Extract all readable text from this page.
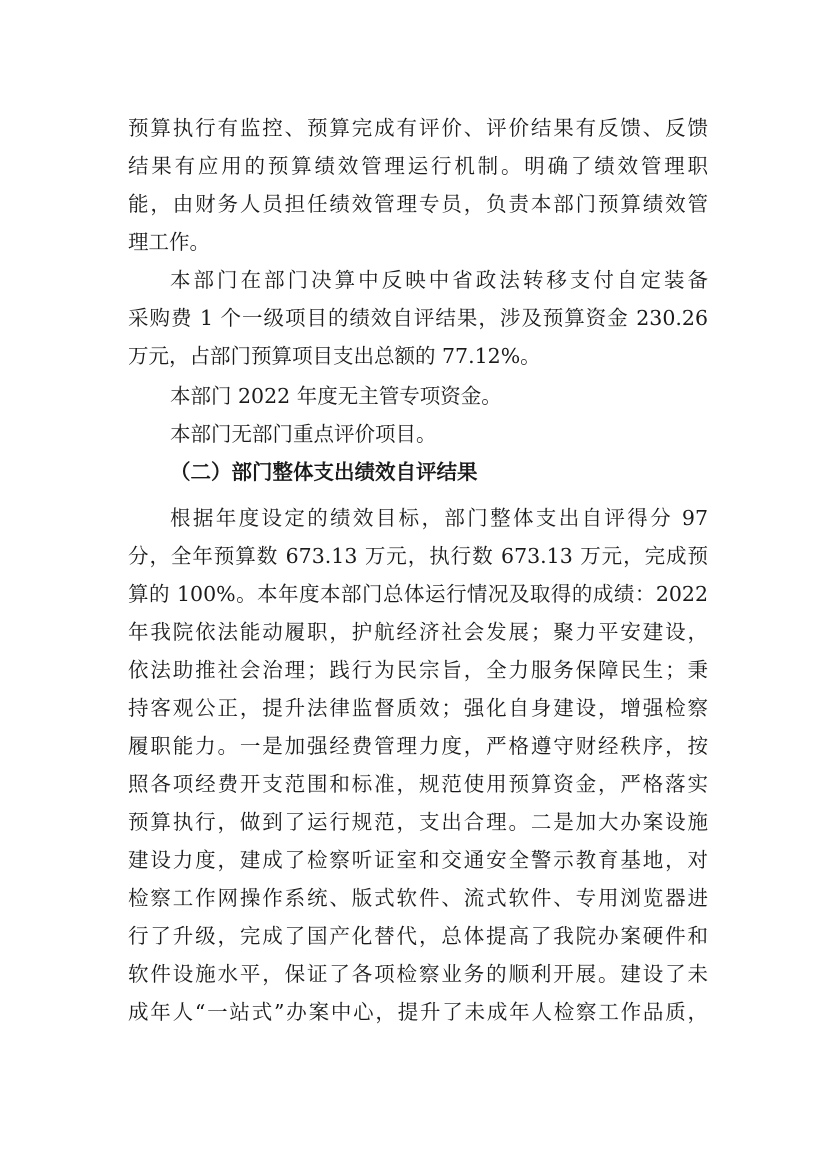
预算执行有监控、预算完成有评价、评价结果有反馈、反馈
结果有应用的预算绩效管理运行机制。明确了绩效管理职
能，由财务人员担任绩效管理专员，负责本部门预算绩效管
理工作。
本部门在部门决算中反映中省政法转移支付自定装备
采购费 1 个一级项目的绩效自评结果，涉及预算资金 230.26
万元，占部门预算项目支出总额的 77.12%。
本部门 2022 年度无主管专项资金。
本部门无部门重点评价项目。
（二）部门整体支出绩效自评结果
根据年度设定的绩效目标，部门整体支出自评得分 97
分，全年预算数 673.13 万元，执行数 673.13 万元，完成预
算的 100%。本年度本部门总体运行情况及取得的成绩：2022
年我院依法能动履职，护航经济社会发展；聚力平安建设，
依法助推社会治理；践行为民宗旨，全力服务保障民生；秉
持客观公正，提升法律监督质效；强化自身建设，增强检察
履职能力。一是加强经费管理力度，严格遵守财经秩序，按
照各项经费开支范围和标准，规范使用预算资金，严格落实
预算执行，做到了运行规范，支出合理。二是加大办案设施
建设力度，建成了检察听证室和交通安全警示教育基地，对
检察工作网操作系统、版式软件、流式软件、专用浏览器进
行了升级，完成了国产化替代，总体提高了我院办案硬件和
软件设施水平，保证了各项检察业务的顺利开展。建设了未
成年人“一站式”办案中心，提升了未成年人检察工作品质，
